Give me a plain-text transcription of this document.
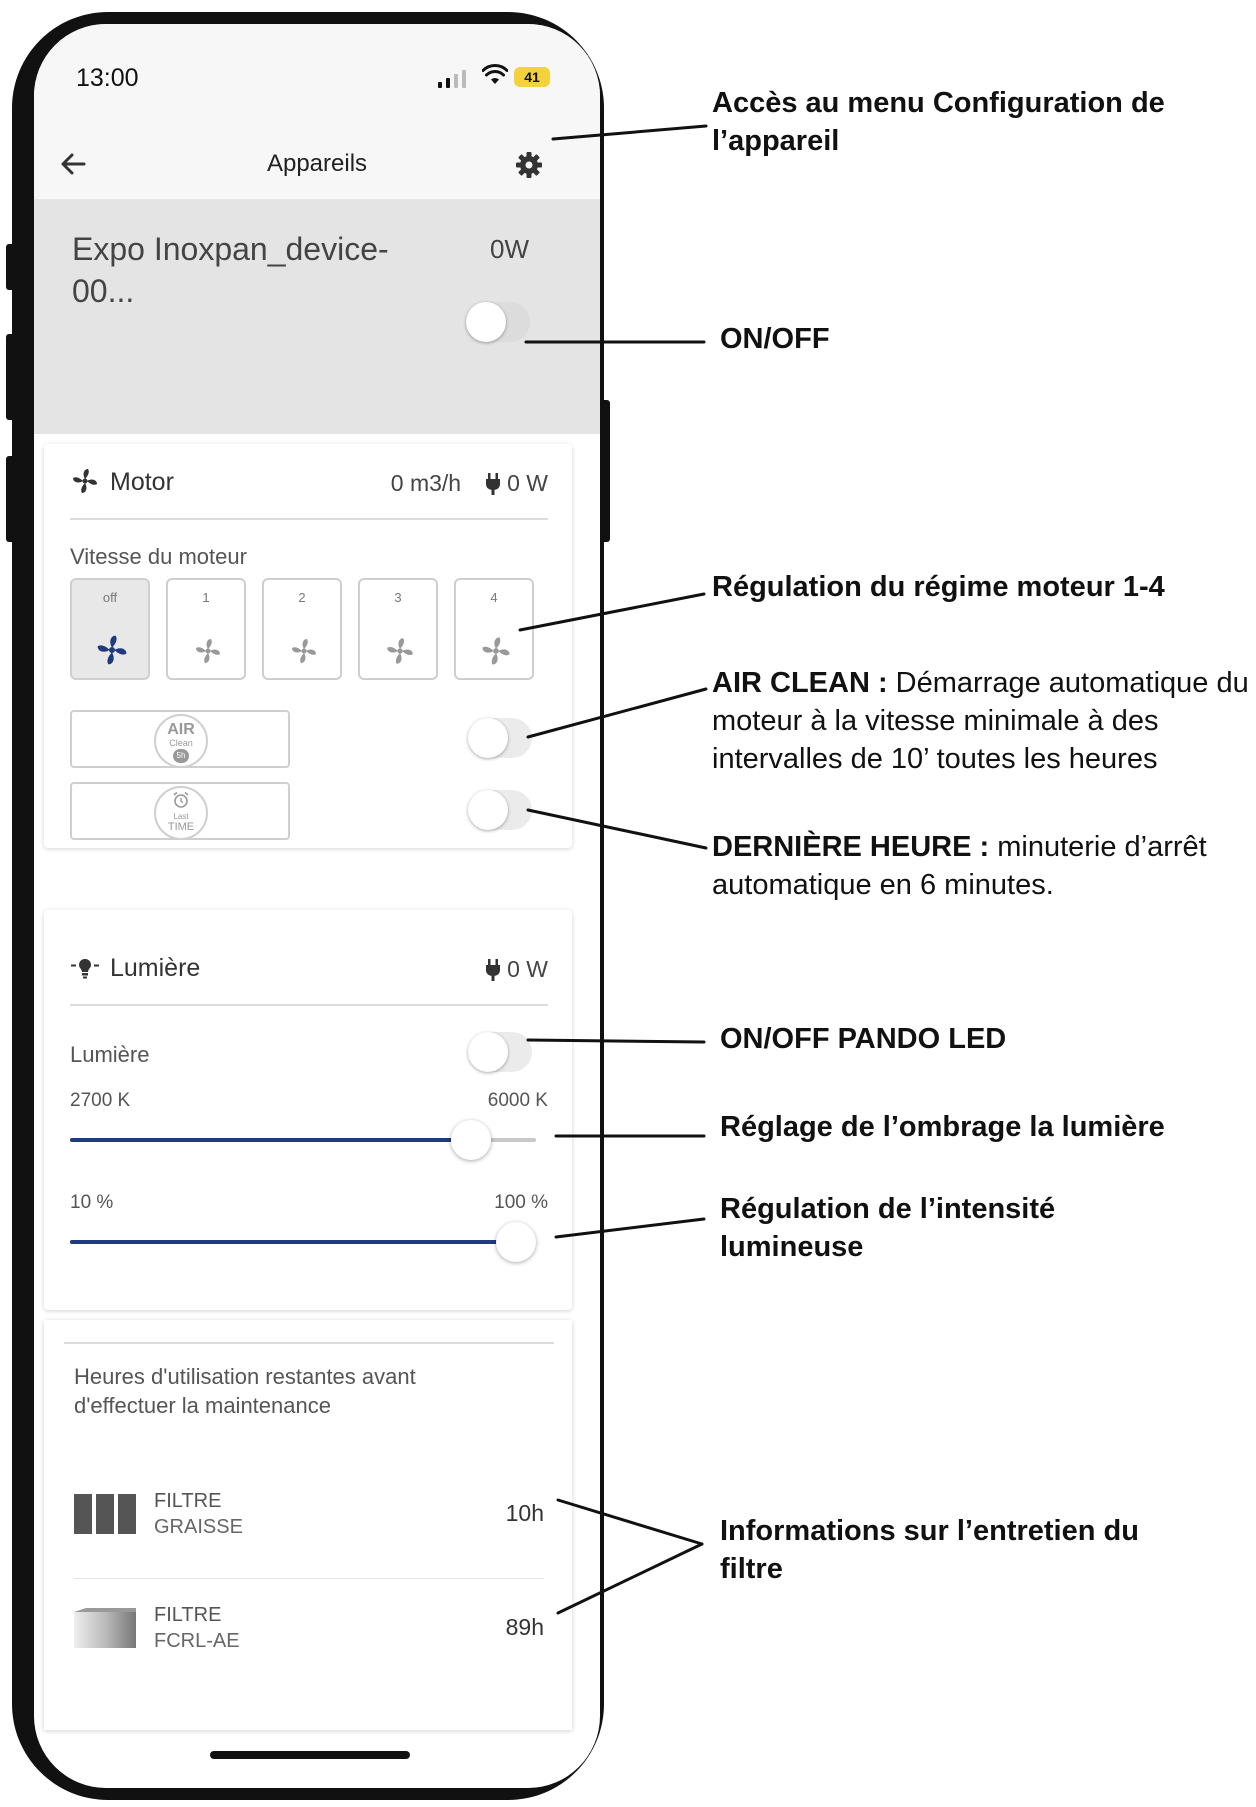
13:00	41
Appareils
Expo Inoxpan_device-00...
0W
Motor	0 m3/h 0 W
Vitesse du moteur
off	1	2	3	4
AIR
Clean
5h
Last
TIME
Lumière	0 W
Lumière
2700 K	6000 K
10 %	100 %
Heures d'utilisation restantes avant d'effectuer la maintenance
FILTRE
GRAISSE
10h
FILTRE
FCRL-AE
89h
Accès au menu Configuration de l’appareil
ON/OFF
Régulation du régime moteur 1-4
AIR CLEAN : Démarrage automatique du moteur à la vitesse minimale à des intervalles de 10’ toutes les heures
DERNIÈRE HEURE : minuterie d’arrêt automatique en 6 minutes.
ON/OFF PANDO LED
Réglage de l’ombrage la lumière
Régulation de l’intensité lumineuse
Informations sur l’entretien du filtre
